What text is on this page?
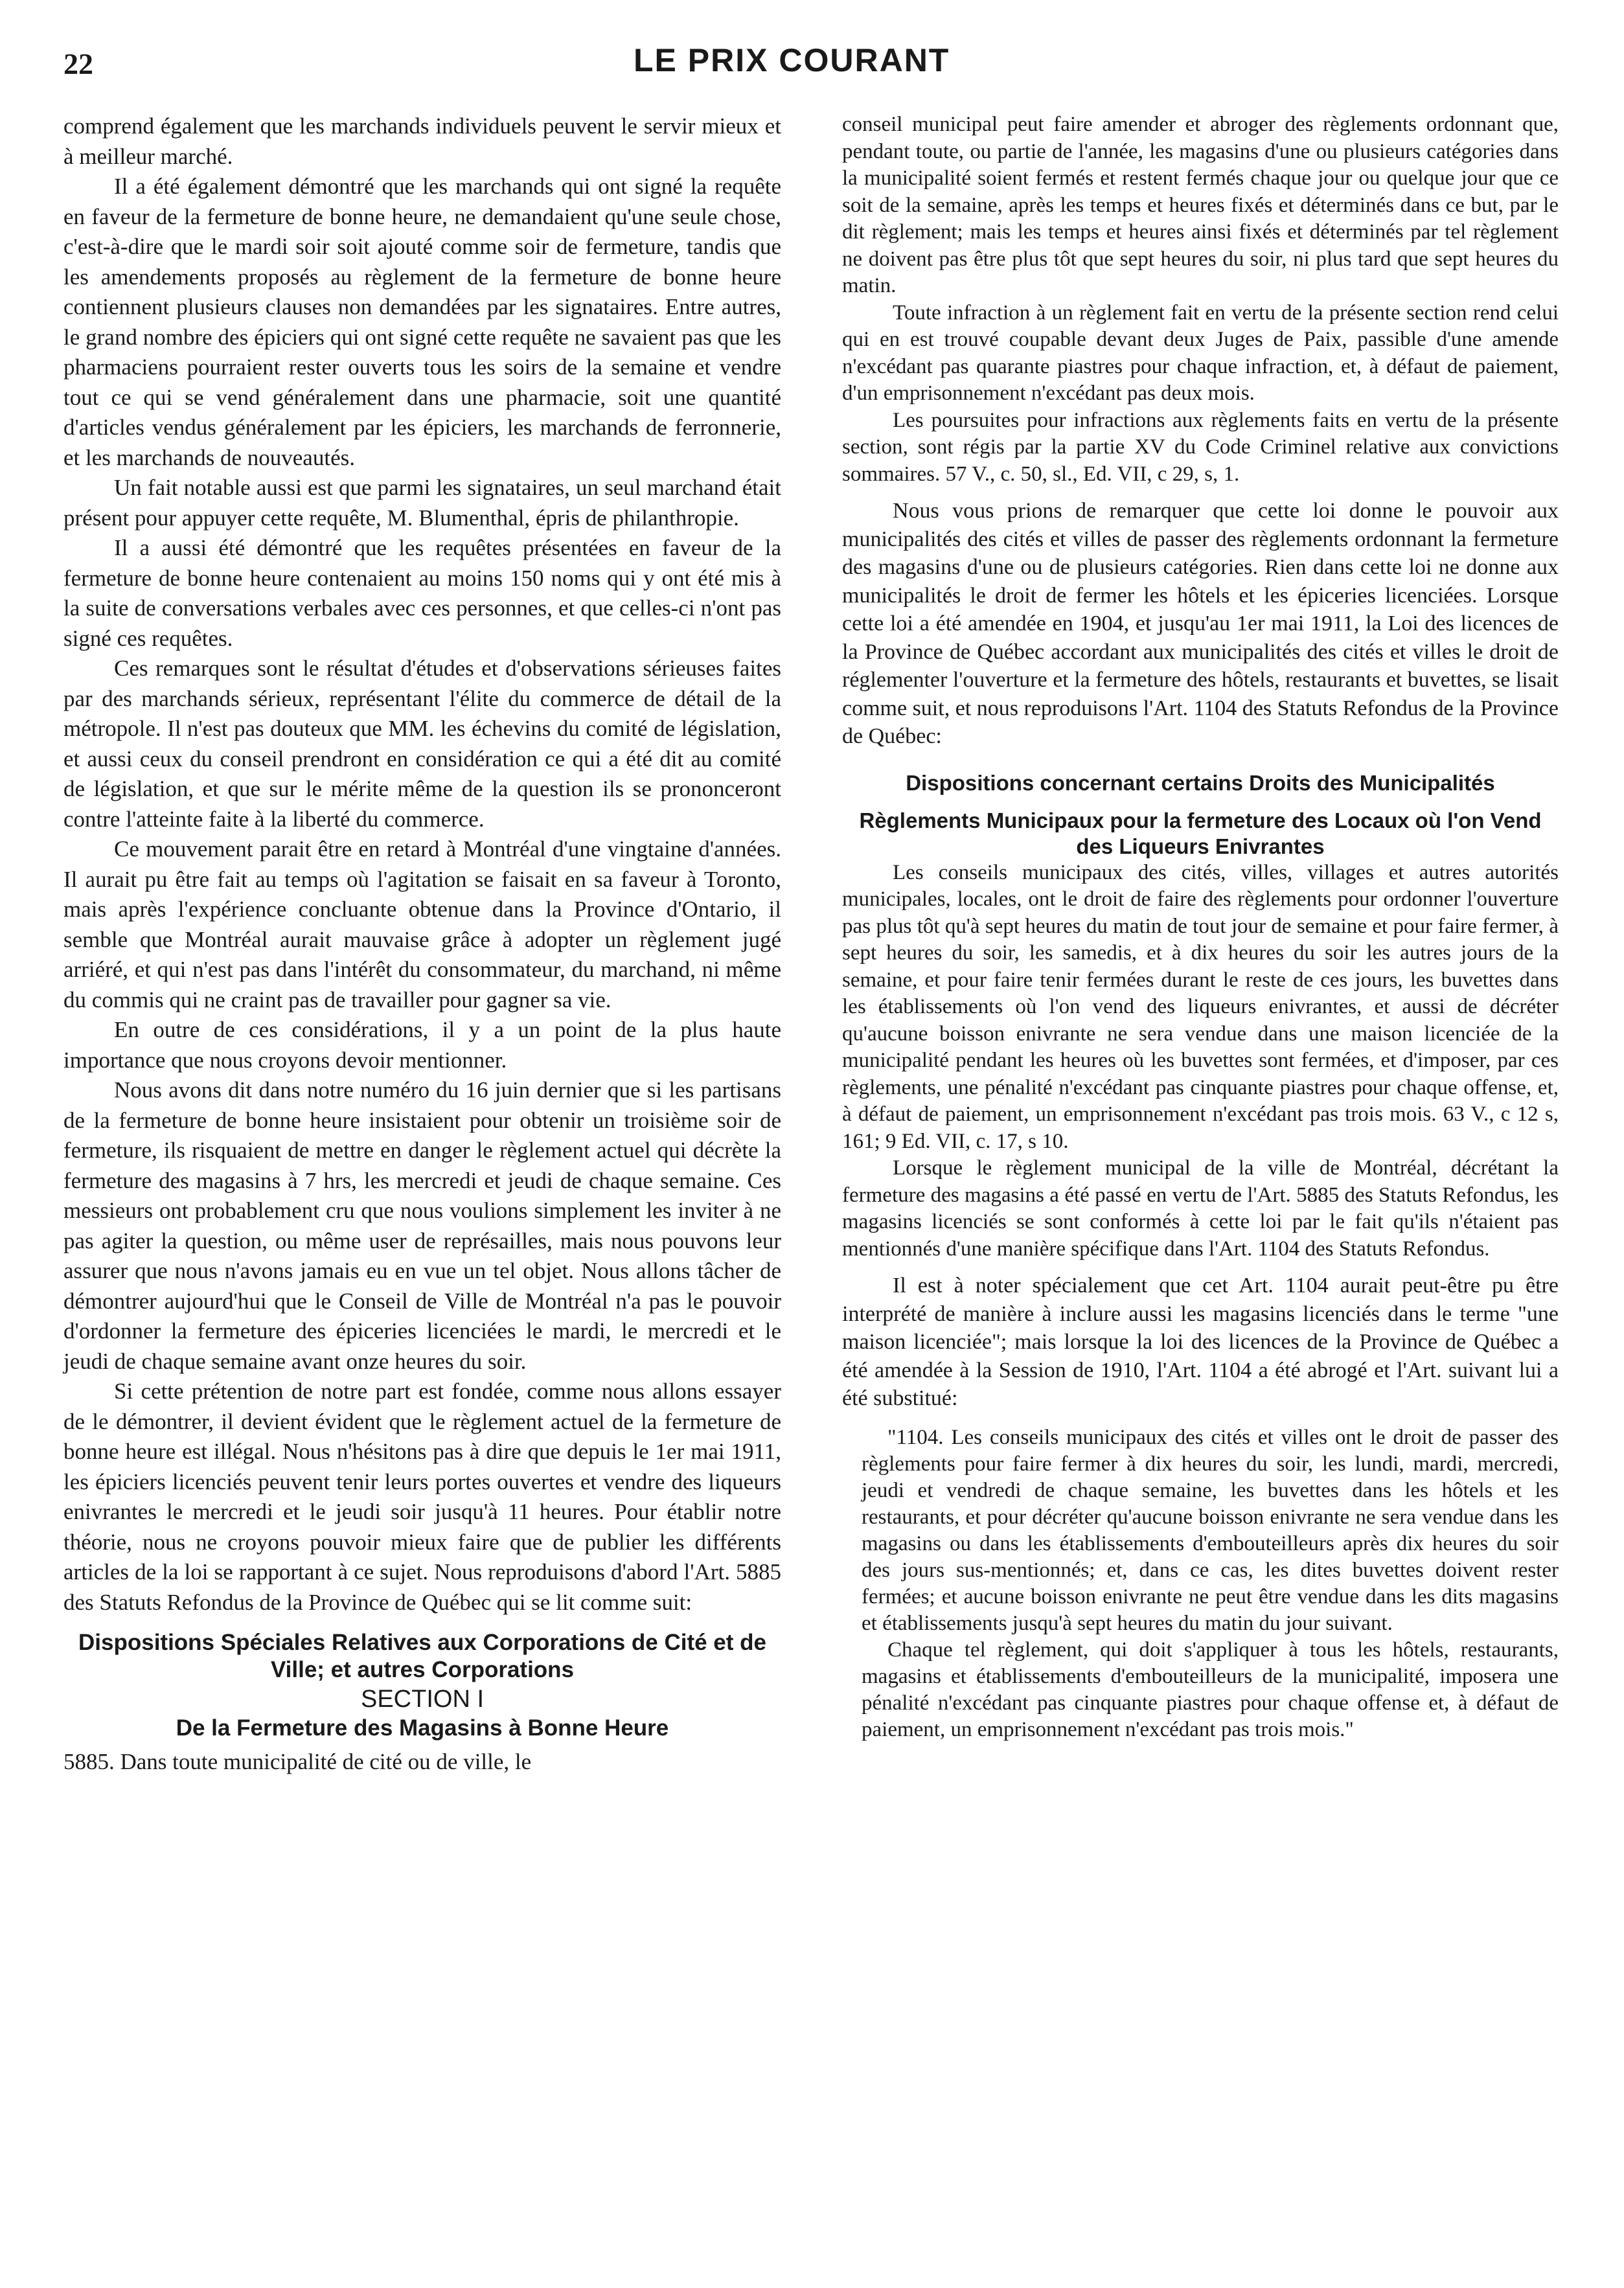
22	LE PRIX COURANT

comprend également que les marchands individuels peuvent le servir mieux et à meilleur marché.

Il a été également démontré que les marchands qui ont signé la requête en faveur de la fermeture de bonne heure, ne demandaient qu'une seule chose, c'est-à-dire que le mardi soir soit ajouté comme soir de fermeture, tandis que les amendements proposés au règlement de la fermeture de bonne heure contiennent plusieurs clauses non demandées par les signataires. Entre autres, le grand nombre des épiciers qui ont signé cette requête ne savaient pas que les pharmaciens pourraient rester ouverts tous les soirs de la semaine et vendre tout ce qui se vend généralement dans une pharmacie, soit une quantité d'articles vendus généralement par les épiciers, les marchands de ferronnerie, et les marchands de nouveautés.

Un fait notable aussi est que parmi les signataires, un seul marchand était présent pour appuyer cette requête, M. Blumenthal, épris de philanthropie.

Il a aussi été démontré que les requêtes présentées en faveur de la fermeture de bonne heure contenaient au moins 150 noms qui y ont été mis à la suite de conversations verbales avec ces personnes, et que celles-ci n'ont pas signé ces requêtes.

Ces remarques sont le résultat d'études et d'observations sérieuses faites par des marchands sérieux, représentant l'élite du commerce de détail de la métropole. Il n'est pas douteux que MM. les échevins du comité de législation, et aussi ceux du conseil prendront en considération ce qui a été dit au comité de législation, et que sur le mérite même de la question ils se prononceront contre l'atteinte faite à la liberté du commerce.

Ce mouvement parait être en retard à Montréal d'une vingtaine d'années. Il aurait pu être fait au temps où l'agitation se faisait en sa faveur à Toronto, mais après l'expérience concluante obtenue dans la Province d'Ontario, il semble que Montréal aurait mauvaise grâce à adopter un règlement jugé arriéré, et qui n'est pas dans l'intérêt du consommateur, du marchand, ni même du commis qui ne craint pas de travailler pour gagner sa vie.

En outre de ces considérations, il y a un point de la plus haute importance que nous croyons devoir mentionner.

Nous avons dit dans notre numéro du 16 juin dernier que si les partisans de la fermeture de bonne heure insistaient pour obtenir un troisième soir de fermeture, ils risquaient de mettre en danger le règlement actuel qui décrète la fermeture des magasins à 7 hrs, les mercredi et jeudi de chaque semaine. Ces messieurs ont probablement cru que nous voulions simplement les inviter à ne pas agiter la question, ou même user de représailles, mais nous pouvons leur assurer que nous n'avons jamais eu en vue un tel objet. Nous allons tâcher de démontrer aujourd'hui que le Conseil de Ville de Montréal n'a pas le pouvoir d'ordonner la fermeture des épiceries licenciées le mardi, le mercredi et le jeudi de chaque semaine avant onze heures du soir.

Si cette prétention de notre part est fondée, comme nous allons essayer de le démontrer, il devient évident que le règlement actuel de la fermeture de bonne heure est illégal. Nous n'hésitons pas à dire que depuis le 1er mai 1911, les épiciers licenciés peuvent tenir leurs portes ouvertes et vendre des liqueurs enivrantes le mercredi et le jeudi soir jusqu'à 11 heures. Pour établir notre théorie, nous ne croyons pouvoir mieux faire que de publier les différents articles de la loi se rapportant à ce sujet. Nous reproduisons d'abord l'Art. 5885 des Statuts Refondus de la Province de Québec qui se lit comme suit:

Dispositions Spéciales Relatives aux Corporations de Cité et de Ville; et autres Corporations

SECTION I

De la Fermeture des Magasins à Bonne Heure

5885. Dans toute municipalité de cité ou de ville, le

conseil municipal peut faire amender et abroger des règlements ordonnant que, pendant toute, ou partie de l'année, les magasins d'une ou plusieurs catégories dans la municipalité soient fermés et restent fermés chaque jour ou quelque jour que ce soit de la semaine, après les temps et heures fixés et déterminés dans ce but, par le dit règlement; mais les temps et heures ainsi fixés et déterminés par tel règlement ne doivent pas être plus tôt que sept heures du soir, ni plus tard que sept heures du matin.

Toute infraction à un règlement fait en vertu de la présente section rend celui qui en est trouvé coupable devant deux Juges de Paix, passible d'une amende n'excédant pas quarante piastres pour chaque infraction, et, à défaut de paiement, d'un emprisonnement n'excédant pas deux mois.

Les poursuites pour infractions aux règlements faits en vertu de la présente section, sont régis par la partie XV du Code Criminel relative aux convictions sommaires. 57 V., c. 50, sl., Ed. VII, c 29, s, 1.

Nous vous prions de remarquer que cette loi donne le pouvoir aux municipalités des cités et villes de passer des règlements ordonnant la fermeture des magasins d'une ou de plusieurs catégories. Rien dans cette loi ne donne aux municipalités le droit de fermer les hôtels et les épiceries licenciées. Lorsque cette loi a été amendée en 1904, et jusqu'au 1er mai 1911, la Loi des licences de la Province de Québec accordant aux municipalités des cités et villes le droit de réglementer l'ouverture et la fermeture des hôtels, restaurants et buvettes, se lisait comme suit, et nous reproduisons l'Art. 1104 des Statuts Refondus de la Province de Québec:

Dispositions concernant certains Droits des Municipalités

Règlements Municipaux pour la fermeture des Locaux où l'on Vend des Liqueurs Enivrantes

Les conseils municipaux des cités, villes, villages et autres autorités municipales, locales, ont le droit de faire des règlements pour ordonner l'ouverture pas plus tôt qu'à sept heures du matin de tout jour de semaine et pour faire fermer, à sept heures du soir, les samedis, et à dix heures du soir les autres jours de la semaine, et pour faire tenir fermées durant le reste de ces jours, les buvettes dans les établissements où l'on vend des liqueurs enivrantes, et aussi de décréter qu'aucune boisson enivrante ne sera vendue dans une maison licenciée de la municipalité pendant les heures où les buvettes sont fermées, et d'imposer, par ces règlements, une pénalité n'excédant pas cinquante piastres pour chaque offense, et, à défaut de paiement, un emprisonnement n'excédant pas trois mois. 63 V., c 12 s, 161; 9 Ed. VII, c. 17, s 10.

Lorsque le règlement municipal de la ville de Montréal, décrétant la fermeture des magasins a été passé en vertu de l'Art. 5885 des Statuts Refondus, les magasins licenciés se sont conformés à cette loi par le fait qu'ils n'étaient pas mentionnés d'une manière spécifique dans l'Art. 1104 des Statuts Refondus.

Il est à noter spécialement que cet Art. 1104 aurait peut-être pu être interprété de manière à inclure aussi les magasins licenciés dans le terme "une maison licenciée"; mais lorsque la loi des licences de la Province de Québec a été amendée à la Session de 1910, l'Art. 1104 a été abrogé et l'Art. suivant lui a été substitué:

"1104. Les conseils municipaux des cités et villes ont le droit de passer des règlements pour faire fermer à dix heures du soir, les lundi, mardi, mercredi, jeudi et vendredi de chaque semaine, les buvettes dans les hôtels et les restaurants, et pour décréter qu'aucune boisson enivrante ne sera vendue dans les magasins ou dans les établissements d'embouteilleurs après dix heures du soir des jours sus-mentionnés; et, dans ce cas, les dites buvettes doivent rester fermées; et aucune boisson enivrante ne peut être vendue dans les dits magasins et établissements jusqu'à sept heures du matin du jour suivant.

Chaque tel règlement, qui doit s'appliquer à tous les hôtels, restaurants, magasins et établissements d'embouteilleurs de la municipalité, imposera une pénalité n'excédant pas cinquante piastres pour chaque offense et, à défaut de paiement, un emprisonnement n'excédant pas trois mois."
